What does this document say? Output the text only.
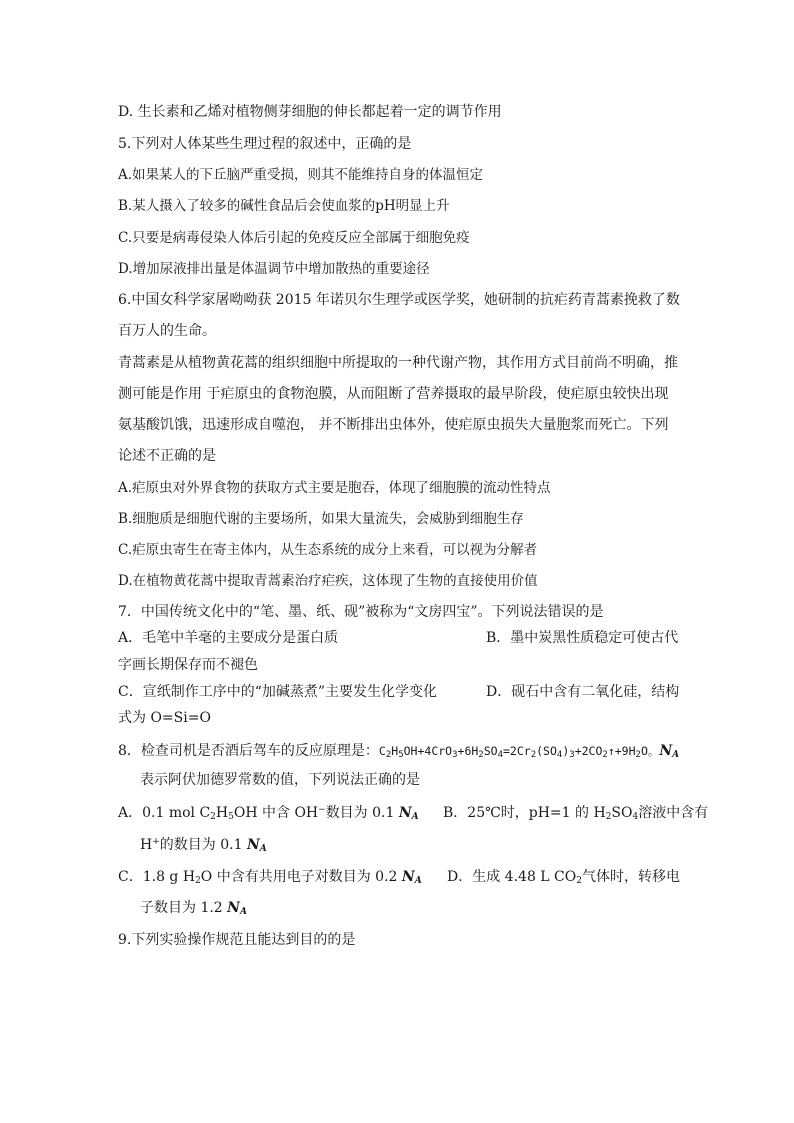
D. 生长素和乙烯对植物侧芽细胞的伸长都起着一定的调节作用
5.下列对人体某些生理过程的叙述中，正确的是
A.如果某人的下丘脑严重受损，则其不能维持自身的体温恒定
B.某人摄入了较多的碱性食品后会使血浆的pH明显上升
C.只要是病毒侵染人体后引起的免疫反应全部属于细胞免疫
D.增加尿液排出量是体温调节中增加散热的重要途径
6.中国女科学家屠呦呦获 2015 年诺贝尔生理学或医学奖，她研制的抗疟药青蒿素挽救了数
百万人的生命。
青蒿素是从植物黄花蒿的组织细胞中所提取的一种代谢产物，其作用方式目前尚不明确，推
测可能是作用 于疟原虫的食物泡膜，从而阻断了营养摄取的最早阶段，使疟原虫较快出现
氨基酸饥饿，迅速形成自噬泡， 并不断排出虫体外，使疟原虫损失大量胞浆而死亡。下列
论述不正确的是
A.疟原虫对外界食物的获取方式主要是胞吞，体现了细胞膜的流动性特点
B.细胞质是细胞代谢的主要场所，如果大量流失，会威胁到细胞生存
C.疟原虫寄生在寄主体内，从生态系统的成分上来看，可以视为分解者
D.在植物黄花蒿中提取青蒿素治疗疟疾，这体现了生物的直接使用价值
7．中国传统文化中的“笔、墨、纸、砚”被称为“文房四宝”。下列说法错误的是
A．毛笔中羊毫的主要成分是蛋白质	B．墨中炭黑性质稳定可使古代
字画长期保存而不褪色
C．宣纸制作工序中的“加碱蒸煮”主要发生化学变化	D．砚石中含有二氧化硅，结构
式为 O=Si=O
8．检查司机是否酒后驾车的反应原理是：$C_2H_5OH+4CrO_3+6H_2SO_4=2Cr_2(SO_4)_3+2CO_2↑+9H_2O$。$N_A$
表示阿伏加德罗常数的值，下列说法正确的是
A．0.1 mol $C_2H_5OH$ 中含 OH−数目为 0.1 $N_A$ B．25℃时，pH=1 的 $H_2SO_4$溶液中含有
H+的数目为 0.1 $N_A$
C．1.8 g $H_2O$ 中含有共用电子对数目为 0.2 $N_A$ D．生成 4.48 L $CO_2$气体时，转移电
子数目为 1.2 $N_A$
9.下列实验操作规范且能达到目的的是
